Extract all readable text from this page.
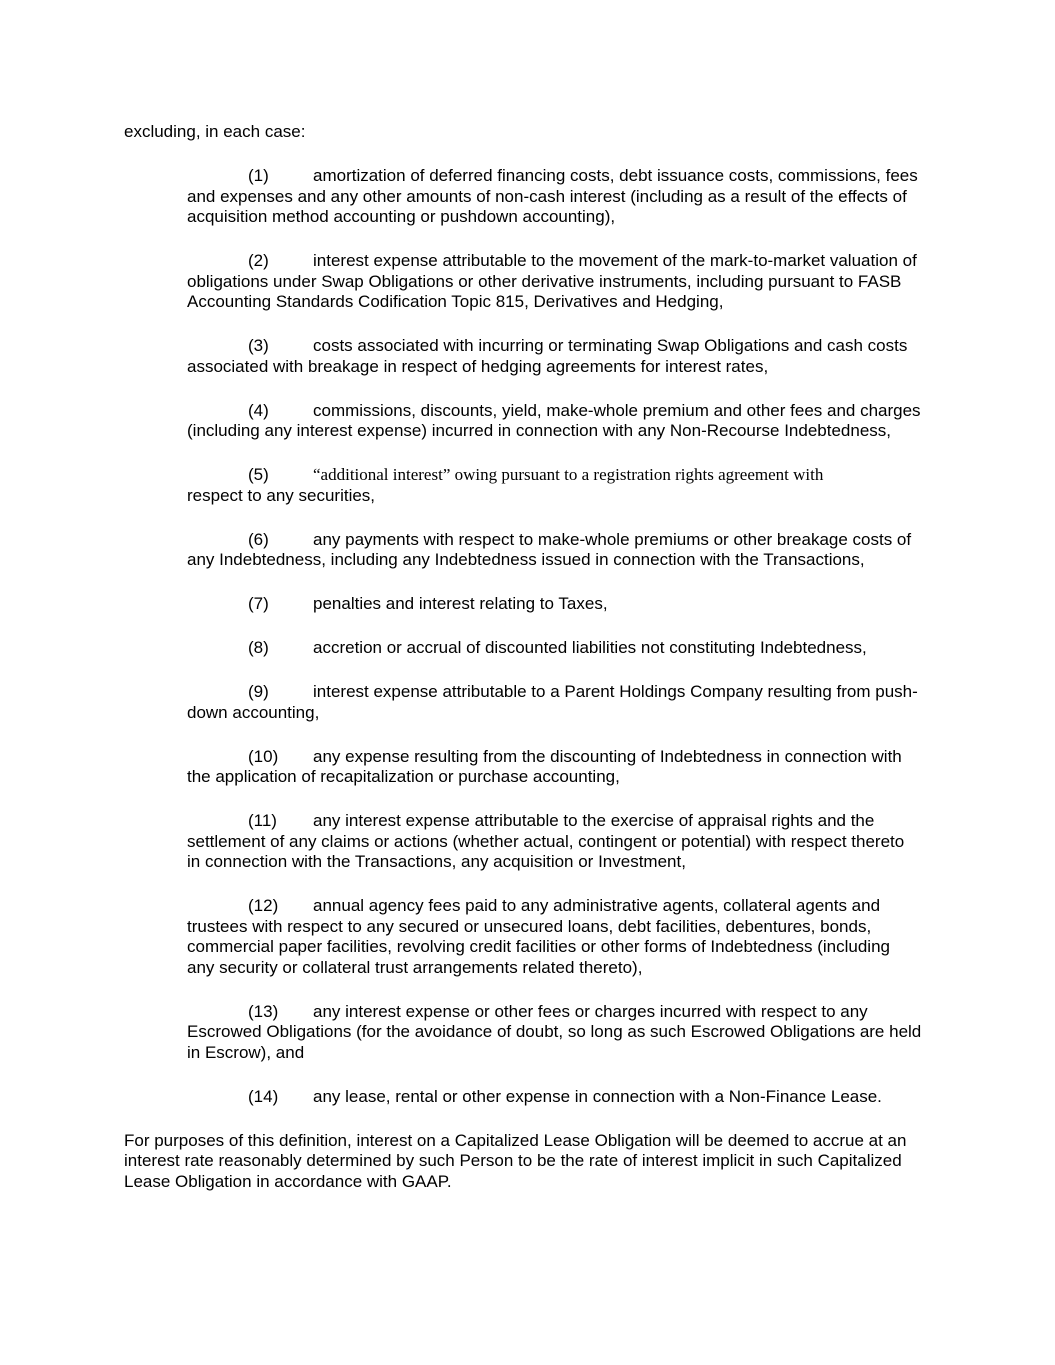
excluding, in each case:
(1)	amortization of deferred financing costs, debt issuance costs, commissions, fees
and expenses and any other amounts of non-cash interest (including as a result of the effects of
acquisition method accounting or pushdown accounting),
(2)	interest expense attributable to the movement of the mark-to-market valuation of
obligations under Swap Obligations or other derivative instruments, including pursuant to FASB
Accounting Standards Codification Topic 815, Derivatives and Hedging,
(3)	costs associated with incurring or terminating Swap Obligations and cash costs
associated with breakage in respect of hedging agreements for interest rates,
(4)	commissions, discounts, yield, make-whole premium and other fees and charges
(including any interest expense) incurred in connection with any Non-Recourse Indebtedness,
(5)	“additional interest” owing pursuant to a registration rights agreement with
respect to any securities,
(6)	any payments with respect to make-whole premiums or other breakage costs of
any Indebtedness, including any Indebtedness issued in connection with the Transactions,
(7)	penalties and interest relating to Taxes,
(8)	accretion or accrual of discounted liabilities not constituting Indebtedness,
(9)	interest expense attributable to a Parent Holdings Company resulting from push-
down accounting,
(10) any expense resulting from the discounting of Indebtedness in connection with
the application of recapitalization or purchase accounting,
(11) any interest expense attributable to the exercise of appraisal rights and the
settlement of any claims or actions (whether actual, contingent or potential) with respect thereto
in connection with the Transactions, any acquisition or Investment,
(12) annual agency fees paid to any administrative agents, collateral agents and
trustees with respect to any secured or unsecured loans, debt facilities, debentures, bonds,
commercial paper facilities, revolving credit facilities or other forms of Indebtedness (including
any security or collateral trust arrangements related thereto),
(13) any interest expense or other fees or charges incurred with respect to any
Escrowed Obligations (for the avoidance of doubt, so long as such Escrowed Obligations are held
in Escrow), and
(14) any lease, rental or other expense in connection with a Non-Finance Lease.
For purposes of this definition, interest on a Capitalized Lease Obligation will be deemed to accrue at an
interest rate reasonably determined by such Person to be the rate of interest implicit in such Capitalized
Lease Obligation in accordance with GAAP.
